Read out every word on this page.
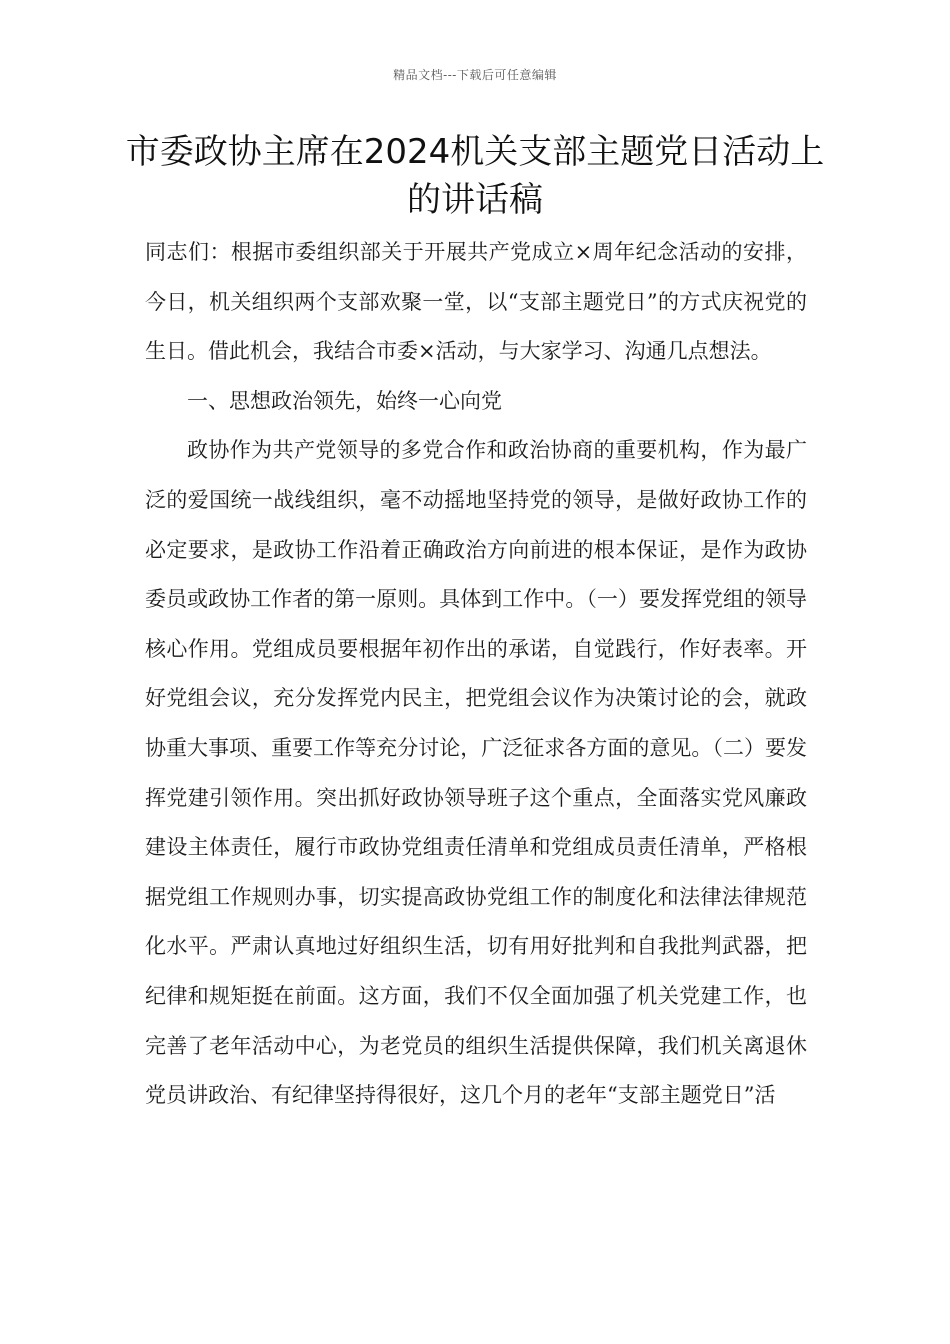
精品文档---下载后可任意编辑
市委政协主席在2024机关支部主题党日活动上的讲话稿

同志们：根据市委组织部关于开展共产党成立×周年纪念活动的安排，今日，机关组织两个支部欢聚一堂，以“支部主题党日”的方式庆祝党的生日。借此机会，我结合市委×活动，与大家学习、沟通几点想法。

一、思想政治领先，始终一心向党

政协作为共产党领导的多党合作和政治协商的重要机构，作为最广泛的爱国统一战线组织，毫不动摇地坚持党的领导，是做好政协工作的必定要求，是政协工作沿着正确政治方向前进的根本保证，是作为政协委员或政协工作者的第一原则。具体到工作中。（一）要发挥党组的领导核心作用。党组成员要根据年初作出的承诺，自觉践行，作好表率。开好党组会议，充分发挥党内民主，把党组会议作为决策讨论的会，就政协重大事项、重要工作等充分讨论，广泛征求各方面的意见。（二）要发挥党建引领作用。突出抓好政协领导班子这个重点，全面落实党风廉政建设主体责任，履行市政协党组责任清单和党组成员责任清单，严格根据党组工作规则办事，切实提高政协党组工作的制度化和法律法律规范化水平。严肃认真地过好组织生活，切有用好批判和自我批判武器，把纪律和规矩挺在前面。这方面，我们不仅全面加强了机关党建工作，也完善了老年活动中心，为老党员的组织生活提供保障，我们机关离退休党员讲政治、有纪律坚持得很好，这几个月的老年“支部主题党日”活
